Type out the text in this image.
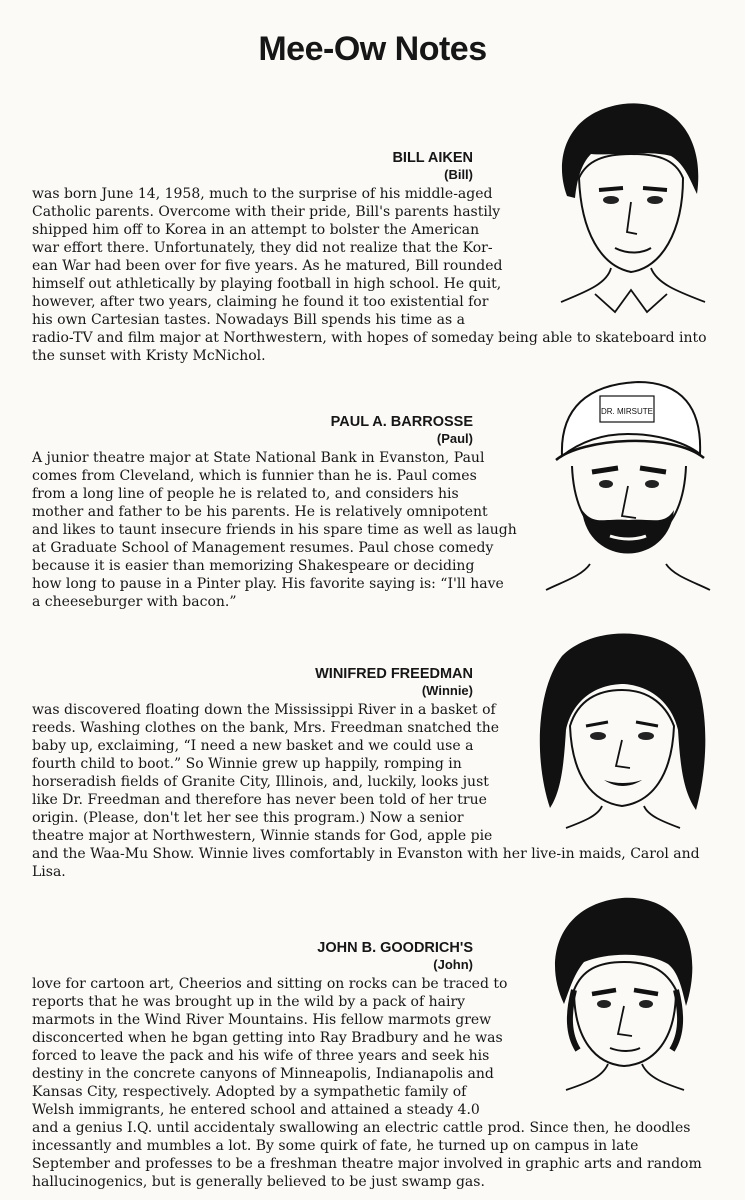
Mee-Ow Notes
BILL AIKEN
(Bill)
was born June 14, 1958, much to the surprise of his middle-aged
Catholic parents. Overcome with their pride, Bill's parents hastily
shipped him off to Korea in an attempt to bolster the American
war effort there. Unfortunately, they did not realize that the Kor-
ean War had been over for five years. As he matured, Bill rounded
himself out athletically by playing football in high school. He quit,
however, after two years, claiming he found it too existential for
his own Cartesian tastes. Nowadays Bill spends his time as a
radio-TV and film major at Northwestern, with hopes of someday being able to skateboard into
the sunset with Kristy McNichol.
PAUL A. BARROSSE
(Paul)
A junior theatre major at State National Bank in Evanston, Paul
comes from Cleveland, which is funnier than he is. Paul comes
from a long line of people he is related to, and considers his
mother and father to be his parents. He is relatively omnipotent
and likes to taunt insecure friends in his spare time as well as laugh
at Graduate School of Management resumes. Paul chose comedy
because it is easier than memorizing Shakespeare or deciding
how long to pause in a Pinter play. His favorite saying is: “I'll have
a cheeseburger with bacon.”
DR. MIRSUTE
WINIFRED FREEDMAN
(Winnie)
was discovered floating down the Mississippi River in a basket of
reeds. Washing clothes on the bank, Mrs. Freedman snatched the
baby up, exclaiming, “I need a new basket and we could use a
fourth child to boot.” So Winnie grew up happily, romping in
horseradish fields of Granite City, Illinois, and, luckily, looks just
like Dr. Freedman and therefore has never been told of her true
origin. (Please, don't let her see this program.) Now a senior
theatre major at Northwestern, Winnie stands for God, apple pie
and the Waa-Mu Show. Winnie lives comfortably in Evanston with her live-in maids, Carol and
Lisa.
JOHN B. GOODRICH'S
(John)
love for cartoon art, Cheerios and sitting on rocks can be traced to
reports that he was brought up in the wild by a pack of hairy
marmots in the Wind River Mountains. His fellow marmots grew
disconcerted when he bgan getting into Ray Bradbury and he was
forced to leave the pack and his wife of three years and seek his
destiny in the concrete canyons of Minneapolis, Indianapolis and
Kansas City, respectively. Adopted by a sympathetic family of
Welsh immigrants, he entered school and attained a steady 4.0
and a genius I.Q. until accidentaly swallowing an electric cattle prod. Since then, he doodles
incessantly and mumbles a lot. By some quirk of fate, he turned up on campus in late
September and professes to be a freshman theatre major involved in graphic arts and random
hallucinogenics, but is generally believed to be just swamp gas.
